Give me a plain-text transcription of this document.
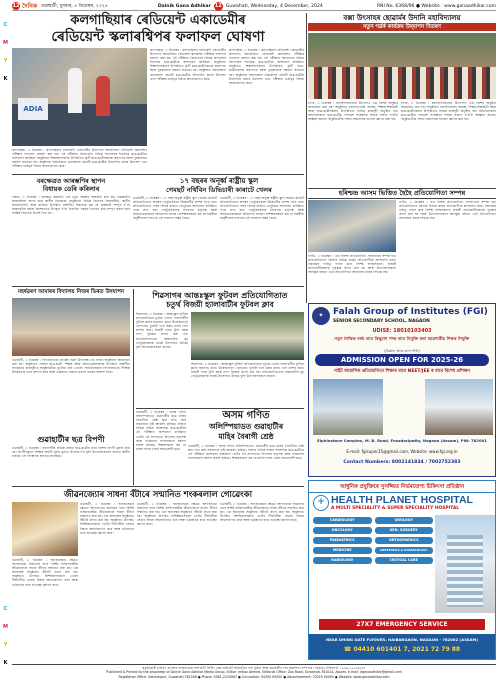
C
M
Y
K
C
M
Y
K
12 দৈনিক গুৱাহাটী, বুধবাৰ, ৪ ডিচেম্বৰ, ২০২৪	Dainik Gana Adhikar 12 Guwahati, Wednesday, 4 December, 2024	RNI No. 6368/96 ● Website : www.ganaadhikar.com
কলগাছিয়াৰ ৰেডিয়েন্ট একাডেমীৰ
ৰেডিয়েন্ট স্কলাৰশ্বিপৰ ফলাফল ঘোষণা
ADIA
কলগাছিয়া, ৩ ডিচেম্বৰ : কলগাছিয়াৰ ৰেডিয়েন্ট একাডেমীৰ উদ্যোগত আয়োজিত ৰেডিয়েন্ট স্কলাৰশ্বিপ পৰীক্ষাৰ ফলাফল ঘোষণা কৰা হয়। এই পৰীক্ষাত জিলাখনৰ বিভিন্ন বিদ্যালয়ৰ শতাধিক ছাত্ৰ-ছাত্ৰীয়ে অংশগ্ৰহণ কৰিছিল। অনুষ্ঠানত শিক্ষাবিদসকলৰ উপস্থিতিত কৃতী ছাত্ৰ-ছাত্ৰীসকলক প্ৰমাণপত্ৰ আৰু পুৰস্কাৰেৰে সম্বৰ্ধনা জনোৱা হয়। অনুষ্ঠানত বক্তাসকলে গ্ৰামাঞ্চলৰ মেধাৱী ছাত্ৰ-ছাত্ৰীক উৎসাহিত কৰাৰ উদ্দেশ্যে এনে পৰীক্ষাৰ গুৰুত্বৰ বিষয়ে আলোকপাত কৰে।
কলগাছিয়া, ৩ ডিচেম্বৰ : কলগাছিয়াৰ ৰেডিয়েন্ট একাডেমীৰ উদ্যোগত আয়োজিত ৰেডিয়েন্ট স্কলাৰশ্বিপ পৰীক্ষাৰ ফলাফল ঘোষণা কৰা হয়। এই পৰীক্ষাত জিলাখনৰ বিভিন্ন বিদ্যালয়ৰ শতাধিক ছাত্ৰ-ছাত্ৰীয়ে অংশগ্ৰহণ কৰিছিল। অনুষ্ঠানত শিক্ষাবিদসকলৰ উপস্থিতিত কৃতী ছাত্ৰ-ছাত্ৰীসকলক প্ৰমাণপত্ৰ আৰু পুৰস্কাৰেৰে সম্বৰ্ধনা জনোৱা হয়। অনুষ্ঠানত বক্তাসকলে গ্ৰামাঞ্চলৰ মেধাৱী ছাত্ৰ-ছাত্ৰীক উৎসাহিত কৰাৰ উদ্দেশ্যে এনে পৰীক্ষাৰ গুৰুত্বৰ বিষয়ে আলোকপাত কৰে।
কলগাছিয়া, ৩ ডিচেম্বৰ : কলগাছিয়াৰ ৰেডিয়েন্ট একাডেমীৰ উদ্যোগত আয়োজিত ৰেডিয়েন্ট স্কলাৰশ্বিপ পৰীক্ষাৰ ফলাফল ঘোষণা কৰা হয়। এই পৰীক্ষাত জিলাখনৰ বিভিন্ন বিদ্যালয়ৰ শতাধিক ছাত্ৰ-ছাত্ৰীয়ে অংশগ্ৰহণ কৰিছিল। অনুষ্ঠানত শিক্ষাবিদসকলৰ উপস্থিতিত কৃতী ছাত্ৰ-ছাত্ৰীসকলক প্ৰমাণপত্ৰ আৰু পুৰস্কাৰেৰে সম্বৰ্ধনা জনোৱা হয়। অনুষ্ঠানত বক্তাসকলে গ্ৰামাঞ্চলৰ মেধাৱী ছাত্ৰ-ছাত্ৰীক উৎসাহিত কৰাৰ উদ্দেশ্যে এনে পৰীক্ষাৰ গুৰুত্বৰ বিষয়ে আলোকপাত কৰে।
বক্সা উৎসাহৰ ছোৱাৰ্মৰ উদানি মহাবিদ্যালয়
নতুন গৰ্ৱৰ্ক কাৰ্যক্ৰম উদ্‌যাপন বিতৰণ
চাপৰ, ৩ ডিচেম্বৰ : মহাবিদ্যালয়খনৰ উদ্যোগত এক বিশেষ অনুষ্ঠান আয়োজন কৰা হয়। অনুষ্ঠানত মহাবিদ্যালয়ৰ অধ্যক্ষ, শিক্ষক-শিক্ষয়িত্ৰী আৰু ছাত্ৰ-ছাত্ৰীসকলৰ উপস্থিতিত বিভিন্ন কাৰ্যসূচী অনুষ্ঠিত হয়। অতিথিসকলে ছাত্ৰ-ছাত্ৰীক পৰিৱেশ সংৰক্ষণৰ বিষয়ে সজাগ হ’বলৈ আহ্বান জনায়। অনুষ্ঠানটোৰ শেষত সকলোকে ধন্যবাদ জ্ঞাপন কৰা হয়।
চাপৰ, ৩ ডিচেম্বৰ : মহাবিদ্যালয়খনৰ উদ্যোগত এক বিশেষ অনুষ্ঠান আয়োজন কৰা হয়। অনুষ্ঠানত মহাবিদ্যালয়ৰ অধ্যক্ষ, শিক্ষক-শিক্ষয়িত্ৰী আৰু ছাত্ৰ-ছাত্ৰীসকলৰ উপস্থিতিত বিভিন্ন কাৰ্যসূচী অনুষ্ঠিত হয়। অতিথিসকলে ছাত্ৰ-ছাত্ৰীক পৰিৱেশ সংৰক্ষণৰ বিষয়ে সজাগ হ’বলৈ আহ্বান জনায়। অনুষ্ঠানটোৰ শেষত সকলোকে ধন্যবাদ জ্ঞাপন কৰা হয়।
বৰক্ষেত্ৰত আৰম্ভণিৰ স্থাপন
বিধায়ক ডেৰি কৰিলাৰ
বাকচা, ৩ ডিচেম্বৰ : বৰক্ষেত্ৰ অঞ্চলত এক নতুন প্ৰকল্পৰ আৰম্ভণি কৰা হয়। প্ৰকল্পটোৰ আধাৰশিলা স্থাপন কৰে স্থানীয় বিধায়কে। অনুষ্ঠানত বিভিন্ন বিভাগৰ বিষয়ববীয়া, স্থানীয় জনপ্ৰতিনিধি আৰু ৰাইজৰ উপস্থিতি লক্ষণীয়। বিধায়কে কয় যে প্ৰকল্পটো সম্পূৰ্ণ হ’লে অঞ্চলটোৰ ৰাইজ বিশেষভাৱে উপকৃত হ’ব। নিৰ্ধাৰিত সময়ৰ ভিতৰত কাম সম্পূৰ্ণ কৰাৰ বাবে সংশ্লিষ্ট বিভাগক নিৰ্দেশ দিয়া হয়।
১৭ বছৰৰ অনূৰ্ধ্ব ৰাষ্ট্ৰীয় স্কুল
গেমছৰ্ট নৰ্থিবিন ডিভিচাৰী কাৰাটে খেলৰ
গুৱাহাটী, ৩ ডিচেম্বৰ : ১৭ বছৰ অনূৰ্ধ্ব ৰাষ্ট্ৰীয় স্কুল গেমছৰ কাৰাটে প্ৰতিযোগিতাত অসমৰ খেলুৱৈসকলে উল্লেখনীয় প্ৰদৰ্শন দাঙি ধৰে। প্ৰতিযোগিতাত দেশৰ বিভিন্ন ৰাজ্যৰ খেলুৱৈয়ে অংশগ্ৰহণ কৰিছিল। পদক লাভ কৰা খেলুৱৈসকলক বিদ্যালয় কৰ্তৃপক্ষ আৰু অভিভাৱকসকলে অভিনন্দন জনায়। প্ৰশিক্ষকসকলে কয় যে নিয়মীয়া অনুশীলনৰ ফলতহে এই সফলতা সম্ভৱ হৈছে।
গুৱাহাটী, ৩ ডিচেম্বৰ : ১৭ বছৰ অনূৰ্ধ্ব ৰাষ্ট্ৰীয় স্কুল গেমছৰ কাৰাটে প্ৰতিযোগিতাত অসমৰ খেলুৱৈসকলে উল্লেখনীয় প্ৰদৰ্শন দাঙি ধৰে। প্ৰতিযোগিতাত দেশৰ বিভিন্ন ৰাজ্যৰ খেলুৱৈয়ে অংশগ্ৰহণ কৰিছিল। পদক লাভ কৰা খেলুৱৈসকলক বিদ্যালয় কৰ্তৃপক্ষ আৰু অভিভাৱকসকলে অভিনন্দন জনায়। প্ৰশিক্ষকসকলে কয় যে নিয়মীয়া অনুশীলনৰ ফলতহে এই সফলতা সম্ভৱ হৈছে।
হৰিশ্চন্দ্ৰ আসম ভিত্তিত হৈহৈ প্ৰতিযোগিতা সম্পন্ন
নগাঁও, ৩ ডিচেম্বৰ : এক বিশেষ প্ৰতিযোগিতা সফলতাৰে সম্পন্ন হয়। প্ৰতিযোগিতাত জিলাৰ বিভিন্ন প্ৰান্তৰ প্ৰতিযোগীয়ে অংশগ্ৰহণ কৰে। বিচাৰকৰ দায়িত্ব পালন কৰে বিশিষ্ট ব্যক্তিসকলে। বিজয়ী প্ৰতিযোগীসকলক পুৰস্কাৰ প্ৰদান কৰা হয় আৰু উদ্যোক্তাসকলে আগন্তুক বৰ্ষতো এনে প্ৰতিযোগিতা আয়োজন কৰাৰ সিদ্ধান্ত লয়।
নগাঁও, ৩ ডিচেম্বৰ : এক বিশেষ প্ৰতিযোগিতা সফলতাৰে সম্পন্ন হয়। প্ৰতিযোগিতাত জিলাৰ বিভিন্ন প্ৰান্তৰ প্ৰতিযোগীয়ে অংশগ্ৰহণ কৰে। বিচাৰকৰ দায়িত্ব পালন কৰে বিশিষ্ট ব্যক্তিসকলে। বিজয়ী প্ৰতিযোগীসকলক পুৰস্কাৰ প্ৰদান কৰা হয় আৰু উদ্যোক্তাসকলে আগন্তুক বৰ্ষতো এনে প্ৰতিযোগিতা আয়োজন কৰাৰ সিদ্ধান্ত লয়।
মহৰ্ষৱৰণ আমাৰৰ বিদ্যালয় নিজৰ ভিৰত উদযাপন
গুৱাহাটী, ৩ ডিচেম্বৰ : বিদ্যালয়খনৰ প্ৰতিষ্ঠা দিৱস উপলক্ষে এক বৰ্ণাঢ্য অনুষ্ঠানৰ আয়োজন কৰা হয়। অনুষ্ঠানত প্ৰাক্তন ছাত্ৰ-ছাত্ৰী, শিক্ষক আৰু অভিভাৱকসকলৰ উপস্থিতি লক্ষণীয়। সাংস্কৃতিক কাৰ্যসূচীয়ে অনুষ্ঠানটোক মুখৰিত কৰি তোলে। অতিথিসকলে বিদ্যালয়খনৰ শৈক্ষিক উৎকৰ্ষতাৰ বাবে প্ৰশংসা কৰে আৰু ভৱিষ্যতে সকলো ধৰণৰ সহায়ৰ আশ্বাস দিয়ে।
গুৱাহাটীৰ ছত্ৰ বিপণী
গুৱাহাটী, ৩ ডিচেম্বৰ : মহানগৰীৰ বিভিন্ন প্ৰান্তত ছাত্ৰ-ছাত্ৰীৰ বাবে বিশেষ বিপণী মুকলি কৰা হয়। বিপণীসমূহত শৈক্ষিক সামগ্ৰী সুলভ মূল্যত উপলব্ধ হ’ব বুলি উদ্যোক্তাসকলে জনায়। স্থানীয় ৰাইজে এই পদক্ষেপক স্বাগতম জনাইছে।
জীৱনজ্যোৰ সাধনা বঁটাৰে সন্মানিত শংকৰলাল গোৱেংকা
গুৱাহাটী, ৩ ডিচেম্বৰ : সমাজসেৱাৰ ক্ষেত্ৰত আগবঢ়োৱা অৱদানৰ বাবে বিশিষ্ট ব্যক্তিগৰাকীক জীৱনজ্যোৰ সাধনা বঁটাৰে সন্মানিত কৰা হয়। এক অনাড়ম্বৰ অনুষ্ঠানত বঁটাটো প্ৰদান কৰা হয়। অনুষ্ঠানত উপস্থিত বিশিষ্টজনসকলে তেওঁৰ দীৰ্ঘদিনীয়া সেৱাৰ বিষয়ে আলোকপাত কৰে আৰু ভৱিষ্যতৰ বাবে শুভেচ্ছা জ্ঞাপন কৰে।
গুৱাহাটী, ৩ ডিচেম্বৰ : সমাজসেৱাৰ ক্ষেত্ৰত আগবঢ়োৱা অৱদানৰ বাবে বিশিষ্ট ব্যক্তিগৰাকীক জীৱনজ্যোৰ সাধনা বঁটাৰে সন্মানিত কৰা হয়। এক অনাড়ম্বৰ অনুষ্ঠানত বঁটাটো প্ৰদান কৰা হয়। অনুষ্ঠানত উপস্থিত বিশিষ্টজনসকলে তেওঁৰ দীৰ্ঘদিনীয়া সেৱাৰ বিষয়ে আলোকপাত কৰে আৰু ভৱিষ্যতৰ বাবে শুভেচ্ছা জ্ঞাপন কৰে।
গুৱাহাটী, ৩ ডিচেম্বৰ : সমাজসেৱাৰ ক্ষেত্ৰত আগবঢ়োৱা অৱদানৰ বাবে বিশিষ্ট ব্যক্তিগৰাকীক জীৱনজ্যোৰ সাধনা বঁটাৰে সন্মানিত কৰা হয়। এক অনাড়ম্বৰ অনুষ্ঠানত বঁটাটো প্ৰদান কৰা হয়। অনুষ্ঠানত উপস্থিত বিশিষ্টজনসকলে তেওঁৰ দীৰ্ঘদিনীয়া সেৱাৰ বিষয়ে আলোকপাত কৰে আৰু ভৱিষ্যতৰ বাবে শুভেচ্ছা জ্ঞাপন কৰে।
গুৱাহাটী, ৩ ডিচেম্বৰ : সমাজসেৱাৰ ক্ষেত্ৰত আগবঢ়োৱা অৱদানৰ বাবে বিশিষ্ট ব্যক্তিগৰাকীক জীৱনজ্যোৰ সাধনা বঁটাৰে সন্মানিত কৰা হয়। এক অনাড়ম্বৰ অনুষ্ঠানত বঁটাটো প্ৰদান কৰা হয়। অনুষ্ঠানত উপস্থিত বিশিষ্টজনসকলে তেওঁৰ দীৰ্ঘদিনীয়া সেৱাৰ বিষয়ে আলোকপাত কৰে আৰু ভৱিষ্যতৰ বাবে শুভেচ্ছা জ্ঞাপন কৰে।
শিৱসাগৰ আন্তঃস্কুল ফুটবল প্ৰতিযোগিতাত
চতুৰ্থ বিজয়ী হ্যালাবাটীৰ ফুটবল ক্লাব
শিৱসাগৰ, ৩ ডিচেম্বৰ : আন্তঃস্কুল ফুটবল প্ৰতিযোগিতাৰ চূড়ান্ত খেলত হ্যালাবাটীৰ ফুটবল ক্লাবে জয়লাভ কৰে। উত্তেজনাপূৰ্ণ খেলখনত দুয়োটা দলে উন্নত মানৰ খেল প্ৰদৰ্শন কৰে। বিজয়ী দলক ট্ৰফি আৰু নগদ পুৰস্কাৰ প্ৰদান কৰা হয়। প্ৰতিযোগিতাখনে অঞ্চলটোৰ যুৱ খেলুৱৈসকলক যথেষ্ট উৎসাহিত কৰিছে বুলি উদ্যোক্তাসকলে জনায়।
শিৱসাগৰ, ৩ ডিচেম্বৰ : আন্তঃস্কুল ফুটবল প্ৰতিযোগিতাৰ চূড়ান্ত খেলত হ্যালাবাটীৰ ফুটবল ক্লাবে জয়লাভ কৰে। উত্তেজনাপূৰ্ণ খেলখনত দুয়োটা দলে উন্নত মানৰ খেল প্ৰদৰ্শন কৰে। বিজয়ী দলক ট্ৰফি আৰু নগদ পুৰস্কাৰ প্ৰদান কৰা হয়। প্ৰতিযোগিতাখনে অঞ্চলটোৰ যুৱ খেলুৱৈসকলক যথেষ্ট উৎসাহিত কৰিছে বুলি উদ্যোক্তাসকলে জনায়।
অসম গণিত
অলিম্পিয়াডত গুৱাহাটীৰ
মাহিৰ বৈৰাগী শ্ৰেষ্ঠ
গুৱাহাটী, ৩ ডিচেম্বৰ : অসম গণিত অলিম্পিয়াডত গুৱাহাটীৰ ছাত্ৰ মাহিৰ বৈৰাগীয়ে শ্ৰেষ্ঠ স্থান লাভ কৰি সকলোৰে দৃষ্টি আকৰ্ষণ কৰিছে। ৰাজ্যৰ বিভিন্ন প্ৰান্তৰ সহস্ৰাধিক ছাত্ৰ-ছাত্ৰীয়ে এই পৰীক্ষাত অংশগ্ৰহণ কৰিছিল। তেওঁৰ এই সফলতাত বিদ্যালয় কৰ্তৃপক্ষ আৰু পৰিয়ালৰ সদস্যসকলে আনন্দ প্ৰকাশ কৰিছে। শিক্ষকসকলে কয় যে মাহিৰ সদায় এজন অধ্যৱসায়ী ছাত্ৰ।
গুৱাহাটী, ৩ ডিচেম্বৰ : অসম গণিত অলিম্পিয়াডত গুৱাহাটীৰ ছাত্ৰ মাহিৰ বৈৰাগীয়ে শ্ৰেষ্ঠ স্থান লাভ কৰি সকলোৰে দৃষ্টি আকৰ্ষণ কৰিছে। ৰাজ্যৰ বিভিন্ন প্ৰান্তৰ সহস্ৰাধিক ছাত্ৰ-ছাত্ৰীয়ে এই পৰীক্ষাত অংশগ্ৰহণ কৰিছিল। তেওঁৰ এই সফলতাত বিদ্যালয় কৰ্তৃপক্ষ আৰু পৰিয়ালৰ সদস্যসকলে আনন্দ প্ৰকাশ কৰিছে। শিক্ষকসকলে কয় যে মাহিৰ সদায় এজন অধ্যৱসায়ী ছাত্ৰ।
✦	Falah Group of Institutes (FGI)
SENIOR SECONDARY SCHOOL, NAGAON
UDISE: 18010103403
নতুন শৈক্ষিক বৰ্ষৰ বাবে কিছুমান পদৰ বাবে নিযুক্তি কৰা আৱশ্যকীয় শিক্ষক নিযুক্তি
(বিজ্ঞান আৰু কলা শাখা)
ADMISSION OPEN FOR 2025-26
নাইট আৱাসিক প্ৰতিযোগিতা শিক্ষাৰ বাবে NEET/JEE ৰ বাবে বিশেষ প্ৰশিক্ষণ
Elphinstone Complex, M. B. Road, Fouzdaripatty, Nagaon (Assam), PIN: 782001
E-mail: fgisuper35@gmail.com, Website: www.fgi.org.in
Contact Numbers: 8002141834 / 7002752383
আধুনিক প্ৰযুক্তিৰে সুসজ্জিত নিৰ্ভৰযোগ্য চিকিৎসা প্ৰতিষ্ঠান
+ HEALTH PLANET HOSPITAL
A MULTI SPECIALITY & SUPER SPECIALITY HOSPITAL
CARDIOLOGY	UROLOGY
ONCOLOGY	GEN. SURGERY
PAEDIATRICS	ORTHOPAEDICS
MEDICINE	OBSTETRICS & GYNAECOLOGY
RADIOLOGY	CRITICAL CARE
27X7 EMERGENCY SERVICE
NEAR DHING GATE FLYOVER, HAIBARGAON, NAGAON - 782002 (ASSAM)
☎ 04410 601401 7, 2021 72 79 88
স্বত্বাধিকাৰী চাৰিখন কাগজৰ সংস্থাৰ দ্বাৰা চম্পাৱতী প্ৰিণ্টিং প্ৰেছ প্ৰাইভেট লিমিটেডৰ পৰা মুদ্ৰিত আৰু গুৱাহাটীৰ পৰা প্ৰকাশিত। সম্পাদক : ছিকাতা টেলিফোন : ০৩৬১-২২৩৪৫৬৭
Published & Printed by the proprietor of Dainik Gana Adhikar Media Group, Editor: Imtiaz Ahmed, Editorial Office: Zoo Road, Guwahati-781024, Assam. e-mail: dganaadhikar@gmail.com
Registered Office: Ganeshguri, Guwahati-781006 ● Phone: 0361-2234567 ● Circulation: 94350 00000 ● Advertisement: 70020 00000 ● Website: www.ganaadhikar.com
